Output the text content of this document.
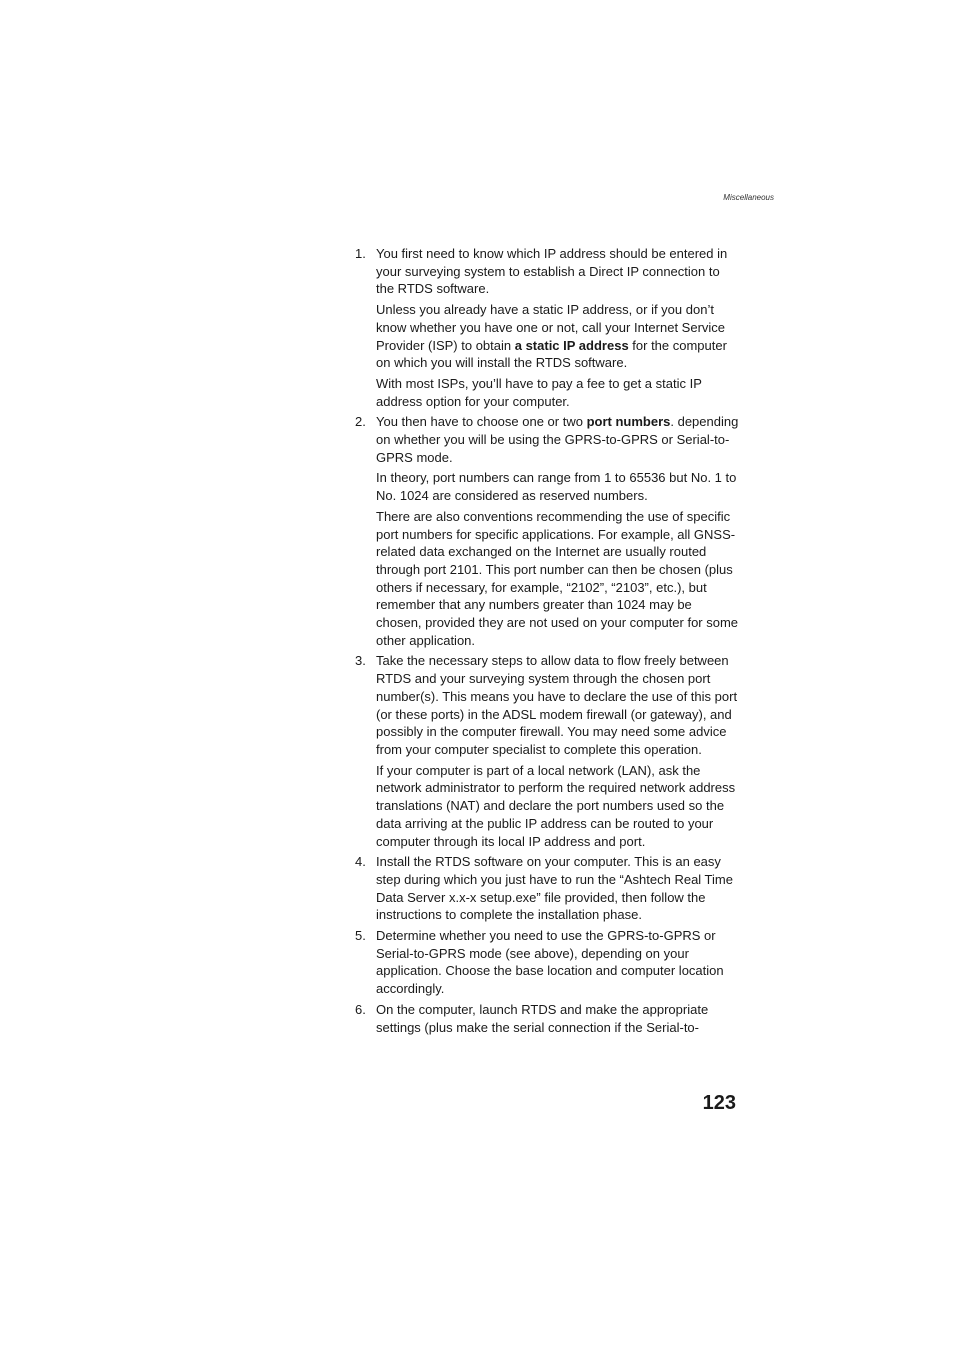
Miscellaneous
1. You first need to know which IP address should be entered in your surveying system to establish a Direct IP connection to the RTDS software.

Unless you already have a static IP address, or if you don’t know whether you have one or not, call your Internet Service Provider (ISP) to obtain a static IP address for the computer on which you will install the RTDS software.

With most ISPs, you’ll have to pay a fee to get a static IP address option for your computer.

2. You then have to choose one or two port numbers. depending on whether you will be using the GPRS-to-GPRS or Serial-to-GPRS mode.

In theory, port numbers can range from 1 to 65536 but No. 1 to No. 1024 are considered as reserved numbers.

There are also conventions recommending the use of specific port numbers for specific applications. For example, all GNSS-related data exchanged on the Internet are usually routed through port 2101. This port number can then be chosen (plus others if necessary, for example, “2102”, “2103”, etc.), but remember that any numbers greater than 1024 may be chosen, provided they are not used on your computer for some other application.

3. Take the necessary steps to allow data to flow freely between RTDS and your surveying system through the chosen port number(s). This means you have to declare the use of this port (or these ports) in the ADSL modem firewall (or gateway), and possibly in the computer firewall. You may need some advice from your computer specialist to complete this operation.

If your computer is part of a local network (LAN), ask the network administrator to perform the required network address translations (NAT) and declare the port numbers used so the data arriving at the public IP address can be routed to your computer through its local IP address and port.

4. Install the RTDS software on your computer. This is an easy step during which you just have to run the “Ashtech Real Time Data Server x.x-x setup.exe” file provided, then follow the instructions to complete the installation phase.

5. Determine whether you need to use the GPRS-to-GPRS or Serial-to-GPRS mode (see above), depending on your application. Choose the base location and computer location accordingly.

6. On the computer, launch RTDS and make the appropriate settings (plus make the serial connection if the Serial-to-

123
